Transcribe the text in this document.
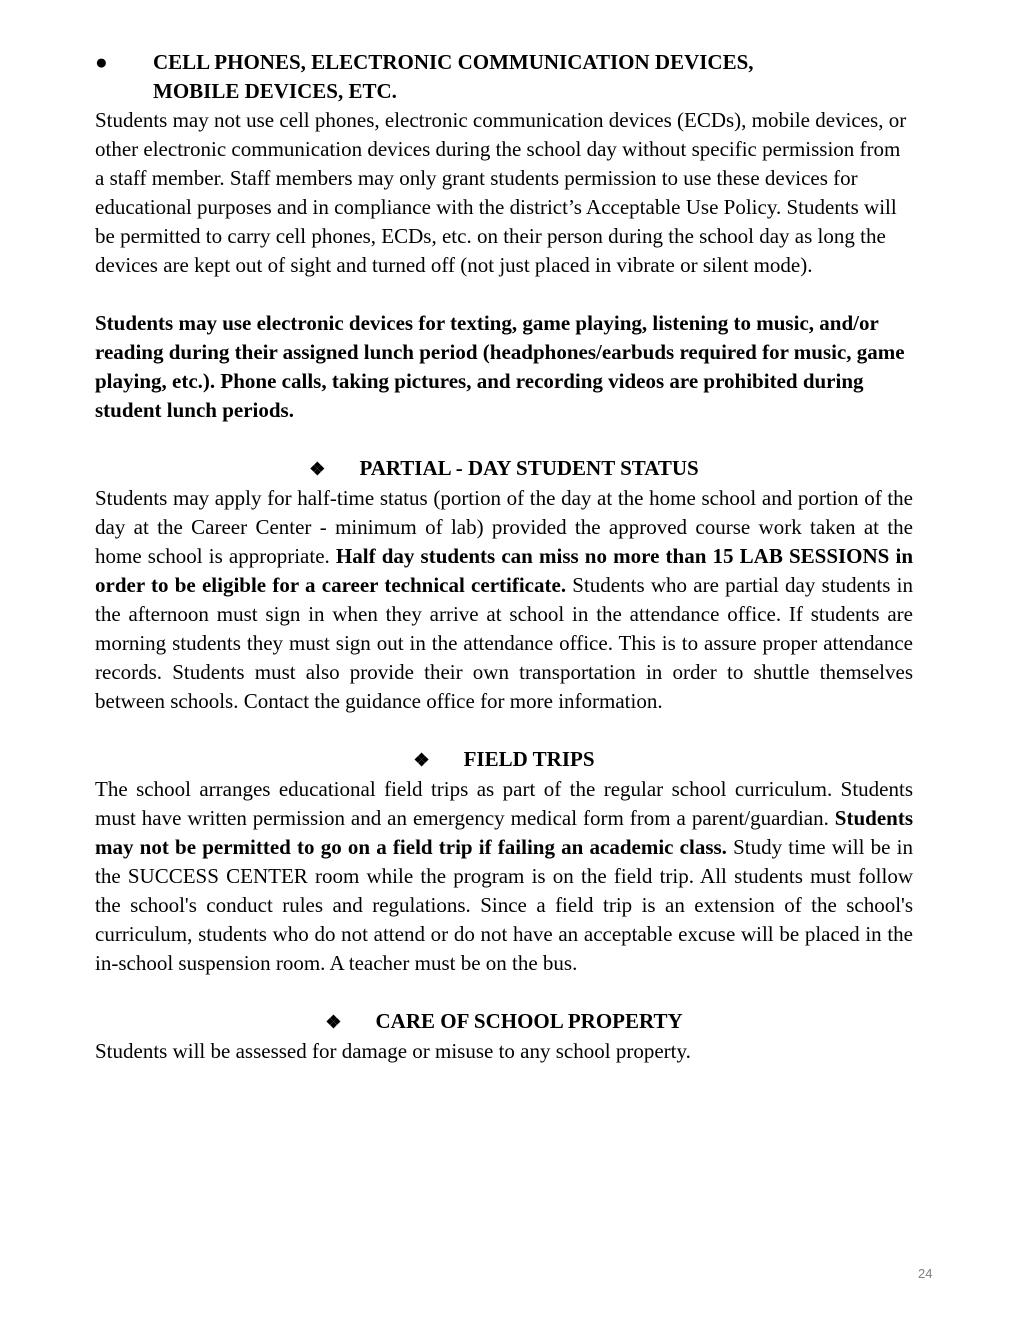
●	CELL PHONES, ELECTRONIC COMMUNICATION DEVICES,
MOBILE DEVICES, ETC.

Students may not use cell phones, electronic communication devices (ECDs), mobile devices, or other electronic communication devices during the school day without specific permission from a staff member. Staff members may only grant students permission to use these devices for educational purposes and in compliance with the district’s Acceptable Use Policy. Students will be permitted to carry cell phones, ECDs, etc. on their person during the school day as long the devices are kept out of sight and turned off (not just placed in vibrate or silent mode).

Students may use electronic devices for texting, game playing, listening to music, and/or reading during their assigned lunch period (headphones/earbuds required for music, game playing, etc.). Phone calls, taking pictures, and recording videos are prohibited during student lunch periods.

❖ PARTIAL - DAY STUDENT STATUS

Students may apply for half-time status (portion of the day at the home school and portion of the day at the Career Center - minimum of lab) provided the approved course work taken at the home school is appropriate. Half day students can miss no more than 15 LAB SESSIONS in order to be eligible for a career technical certificate. Students who are partial day students in the afternoon must sign in when they arrive at school in the attendance office. If students are morning students they must sign out in the attendance office. This is to assure proper attendance records. Students must also provide their own transportation in order to shuttle themselves between schools. Contact the guidance office for more information.

❖ FIELD TRIPS

The school arranges educational field trips as part of the regular school curriculum. Students must have written permission and an emergency medical form from a parent/guardian. Students may not be permitted to go on a field trip if failing an academic class. Study time will be in the SUCCESS CENTER room while the program is on the field trip. All students must follow the school's conduct rules and regulations. Since a field trip is an extension of the school's curriculum, students who do not attend or do not have an acceptable excuse will be placed in the in-school suspension room. A teacher must be on the bus.

❖ CARE OF SCHOOL PROPERTY

Students will be assessed for damage or misuse to any school property.

24
